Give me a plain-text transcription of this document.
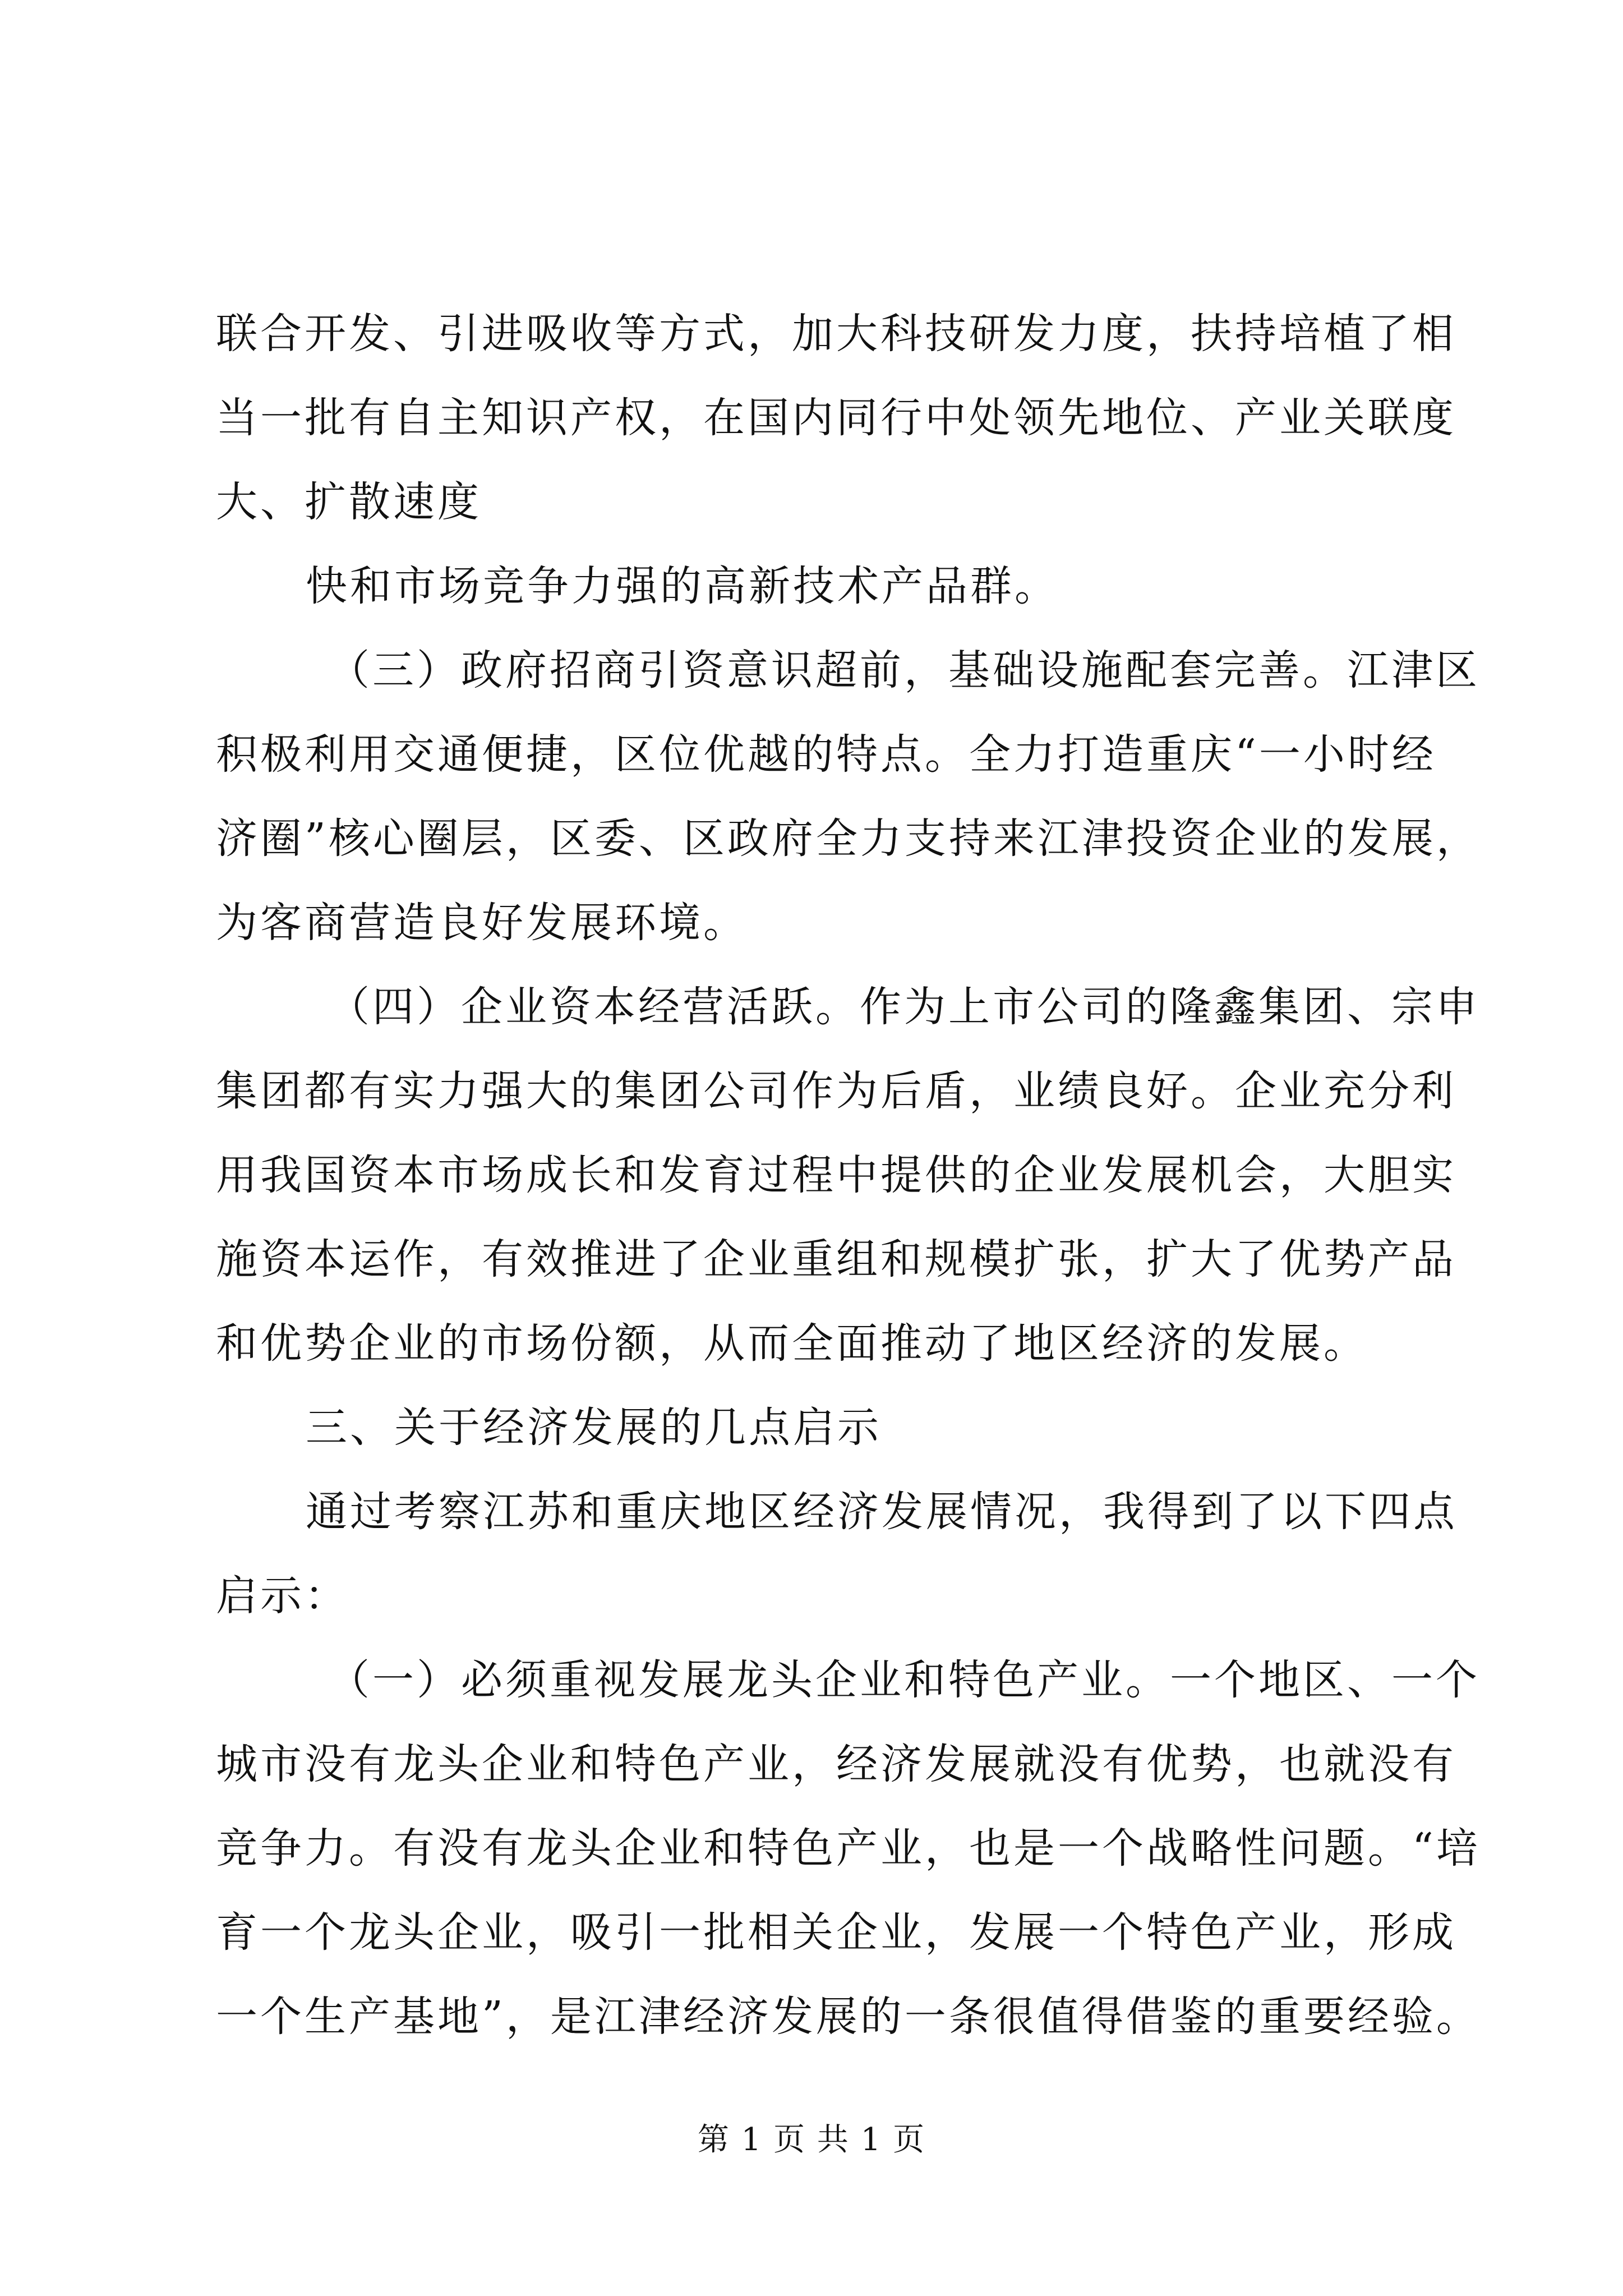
联合开发、引进吸收等方式，加大科技研发力度，扶持培植了相
当一批有自主知识产权，在国内同行中处领先地位、产业关联度
大、扩散速度
快和市场竞争力强的高新技术产品群。
（三）政府招商引资意识超前，基础设施配套完善。江津区
积极利用交通便捷，区位优越的特点。全力打造重庆“一小时经
济圈”核心圈层，区委、区政府全力支持来江津投资企业的发展，
为客商营造良好发展环境。
（四）企业资本经营活跃。作为上市公司的隆鑫集团、宗申
集团都有实力强大的集团公司作为后盾，业绩良好。企业充分利
用我国资本市场成长和发育过程中提供的企业发展机会，大胆实
施资本运作，有效推进了企业重组和规模扩张，扩大了优势产品
和优势企业的市场份额，从而全面推动了地区经济的发展。
三、关于经济发展的几点启示
通过考察江苏和重庆地区经济发展情况，我得到了以下四点
启示：
（一）必须重视发展龙头企业和特色产业。一个地区、一个
城市没有龙头企业和特色产业，经济发展就没有优势，也就没有
竞争力。有没有龙头企业和特色产业，也是一个战略性问题。“培
育一个龙头企业，吸引一批相关企业，发展一个特色产业，形成
一个生产基地”，是江津经济发展的一条很值得借鉴的重要经验。
第 1 页 共 1 页
